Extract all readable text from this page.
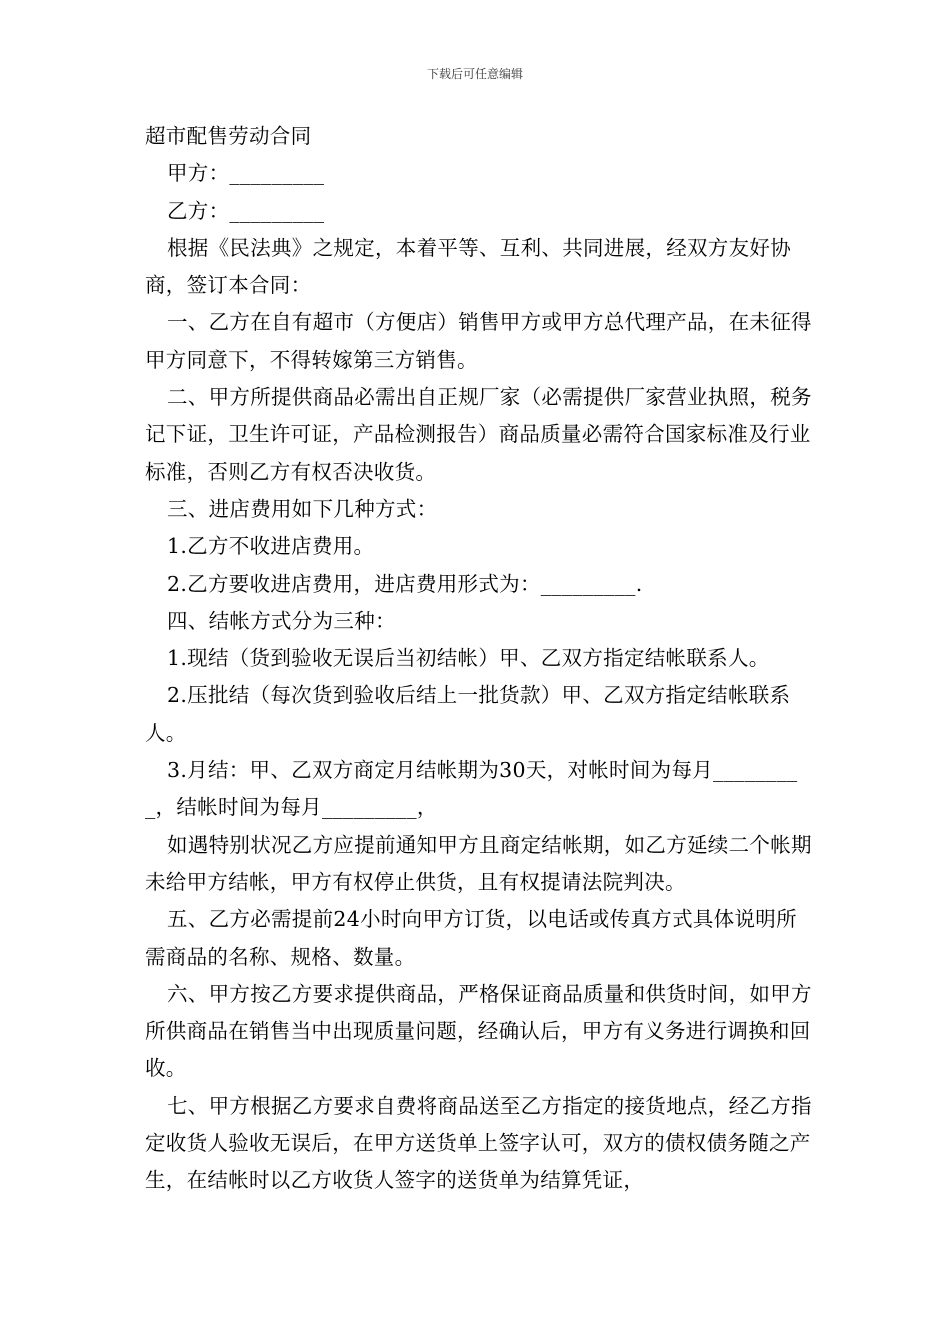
下载后可任意编辑

超市配售劳动合同

甲方：_________

乙方：_________

根据《民法典》之规定，本着平等、互利、共同进展，经双方友好协商，签订本合同：

一、乙方在自有超市（方便店）销售甲方或甲方总代理产品，在未征得甲方同意下，不得转嫁第三方销售。

二、甲方所提供商品必需出自正规厂家（必需提供厂家营业执照，税务记下证，卫生许可证，产品检测报告）商品质量必需符合国家标准及行业标准，否则乙方有权否决收货。

三、进店费用如下几种方式：

1.乙方不收进店费用。

2.乙方要收进店费用，进店费用形式为：_________.

四、结帐方式分为三种：

1.现结（货到验收无误后当初结帐）甲、乙双方指定结帐联系人。

2.压批结（每次货到验收后结上一批货款）甲、乙双方指定结帐联系人。

3.月结：甲、乙双方商定月结帐期为30天，对帐时间为每月_________，结帐时间为每月_________，

如遇特别状况乙方应提前通知甲方且商定结帐期，如乙方延续二个帐期未给甲方结帐，甲方有权停止供货，且有权提请法院判决。

五、乙方必需提前24小时向甲方订货，以电话或传真方式具体说明所需商品的名称、规格、数量。

六、甲方按乙方要求提供商品，严格保证商品质量和供货时间，如甲方所供商品在销售当中出现质量问题，经确认后，甲方有义务进行调换和回收。

七、甲方根据乙方要求自费将商品送至乙方指定的接货地点，经乙方指定收货人验收无误后，在甲方送货单上签字认可，双方的债权债务随之产生，在结帐时以乙方收货人签字的送货单为结算凭证，
